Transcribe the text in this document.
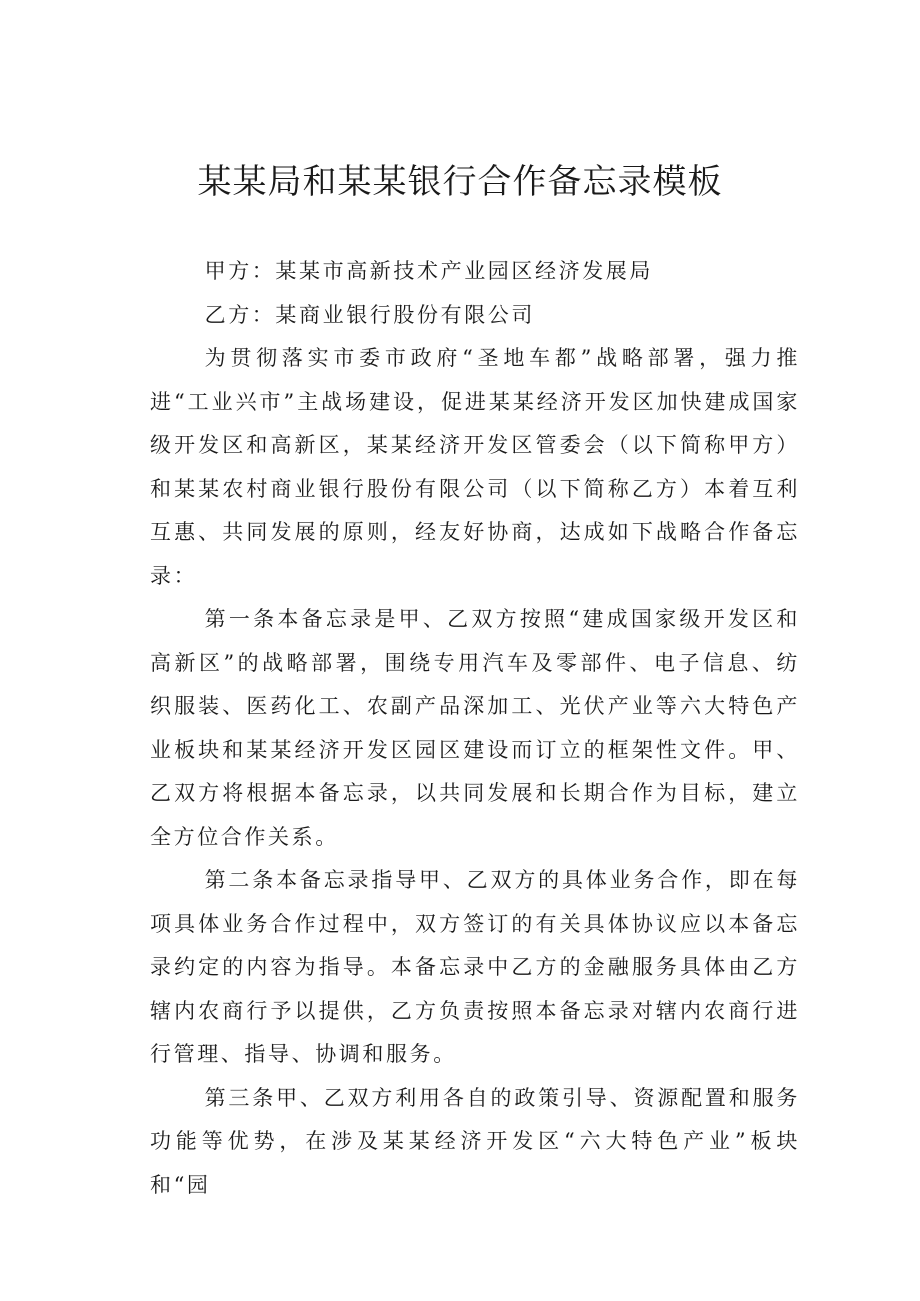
某某局和某某银行合作备忘录模板

甲方：某某市高新技术产业园区经济发展局

乙方：某商业银行股份有限公司

为贯彻落实市委市政府“圣地车都”战略部署，强力推进“工业兴市”主战场建设，促进某某经济开发区加快建成国家级开发区和高新区，某某经济开发区管委会（以下简称甲方）和某某农村商业银行股份有限公司（以下简称乙方）本着互利互惠、共同发展的原则，经友好协商，达成如下战略合作备忘录：

第一条本备忘录是甲、乙双方按照“建成国家级开发区和高新区”的战略部署，围绕专用汽车及零部件、电子信息、纺织服装、医药化工、农副产品深加工、光伏产业等六大特色产业板块和某某经济开发区园区建设而订立的框架性文件。甲、乙双方将根据本备忘录，以共同发展和长期合作为目标，建立全方位合作关系。

第二条本备忘录指导甲、乙双方的具体业务合作，即在每项具体业务合作过程中，双方签订的有关具体协议应以本备忘录约定的内容为指导。本备忘录中乙方的金融服务具体由乙方辖内农商行予以提供，乙方负责按照本备忘录对辖内农商行进行管理、指导、协调和服务。

第三条甲、乙双方利用各自的政策引导、资源配置和服务功能等优势，在涉及某某经济开发区“六大特色产业”板块和“园
